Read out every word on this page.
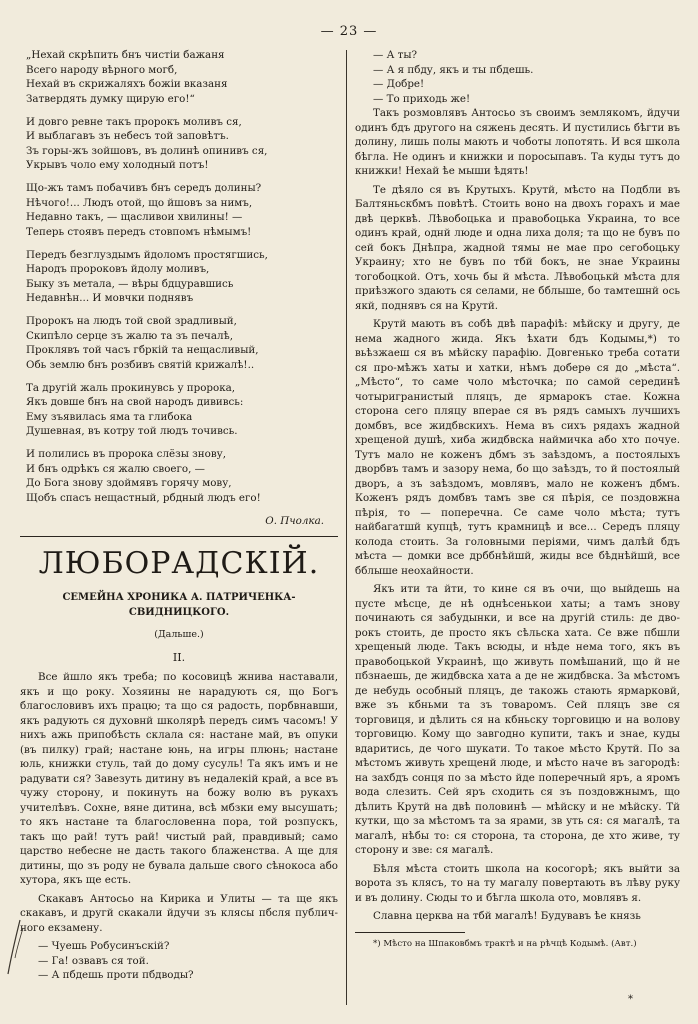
— 23 —
„Нехай скрѣпить бнъ чистiи бажаня
Всего народу вѣрного могб,
Нехай въ скрижаляхъ божiи вказаня
Затвердять думку щирую его!“
И довго ревне такъ пророкъ моливъ ся,
И выблагавъ зъ небесъ той заповѣтъ.
Зъ горы-жъ зойшовъ, въ долинѣ опинивъ ся,
Укрывъ чоло ему холодный потъ!
Що-жъ тамъ побачивъ бнъ середъ долины?
Нѣчого!... Людъ отой, що йшовъ за нимъ,
Недавно такъ, — щасливои хвилины! —
Теперь стоявъ передъ стовпомъ нѣмымъ!
Передъ безглуздымъ йдоломъ простягшись,
Народъ пророковъ йдолу моливъ,
Быку зъ метала, — вѣры бдцуравшись
Недавнѣн... И мовчки поднявъ
Пророкъ на людъ той свой зрадливый,
Скипѣло серце зъ жалю та зъ печалѣ,
Проклявъ той часъ гбркiй та нещасливый,
Обь землю бнъ розбивъ святiй крижалѣ!..
Та другiй жаль прокинувсь у пророка,
Якъ довше бнъ на свой народъ дививсь:
Ему зъявилась яма та глибока
Душевная, въ котру той людъ точивсь.
И полились въ пророка слёзы знову,
И бнъ одрѣкъ ся жалю своего, —
До Бога знову здоймявъ горячу мову,
Щобъ спасъ нещастный, рбдный людъ его!
О. Пчолка.
ЛЮБОРАДСКIЙ.
СЕМЕЙНА ХРОНИКА А. ПАТРИЧЕНКА-СВИДНИЦКОГО.
(Дальше.)
II.

Все йшло якъ треба; по косовицѣ жнива наставали, якъ и що року. Хозяины не нарадують ся, що Богъ благословивъ ихъ працю; та що ся радость, порбвнавши, якъ радують ся духовнй школярѣ передъ симъ часомъ! У нихъ ажь припобѣсть склала ся: настане май, въ опуки (въ пилку) грай; настане юнь, на игры плюнь; настане юль, книжки стуль, тай до дому сусуль! Та якъ имъ и не радувати ся? Завезуть дитину въ недалекiй край, а все въ чужу сторону, и покинуть на божу волю въ рукахъ учителѣвъ. Сохне, вяне дитина, всѣ мбзки ему высушать; то якъ настане та благословенна пора, той розпускъ, такъ що рай! тутъ рай! чистый рай, правдивый; само царство небесне не дасть такого блаженства. А ще для дитины, що зъ роду не бувала дальше свого сѣнокоса або хутора, якъ ще есть.

Скакавъ Антосьо на Кирика и Улиты — та ще якъ скакавъ, и другй скакали йдучи зъ клясы пбсля публичного екзамену.

— Чуешь Робусинъскiй?
— Га! озвавъ ся той.
— А пбдешь проти пбдводы?
— А ты?
— А я пбду, якъ и ты пбдешь.
— Добре!
— То приходь же!

Такъ розмовлявъ Антосьо зъ своимъ землякомъ, йдучи одинъ бдъ другого на сяжень десять. И пустились бѣгти въ долину, лишь полы мають и чоботы лопотять. И вся школа бѣгла. Не одинъ и книжки и поросыпавъ. Та куды тутъ до книжки! Нехай ѣе мыши ѣдять!

Те дѣяло ся въ Крутыхъ. Крутй, мѣсто на Подбли въ Балтяньскбмъ повѣтѣ. Стоить воно на двохъ горахъ и мае двѣ церквѣ. Лѣвобоцька и правобоцька Украина, то все одинъ край, однй люде и одна лиха доля; та що не бувъ по сей бокъ Днѣпра, жадной тямы не мае про сегобоцьку Украину; хто не бувъ по тбй бокъ, не знае Украины тогобоцкой. Отъ, хочь бы й мѣста. Лѣвобоцькй мѣста для приѣзжого здають ся селами, не бблыше, бо тамтешнй ось якй, поднявъ ся на Крутй.

Крутй мають въ собѣ двѣ парафiѣ: мѣйску и другу, де нема жадного жида. Якъ ѣхати бдъ Кодымы,*) то вьѣзжаеш ся въ мѣйску парафiю. Довгенько треба сотати ся про-мѣжъ хаты и хатки, нѣмъ доберѳ ся до „мѣста“. „Мѣсто“, то саме чоло мѣсточка; по самой серединѣ чотыригранистый пляцъ, де ярмарокъ стае. Кожна сторона сего пляцу вперае ся въ рядъ самыхъ лучшихъ домбвъ, все жидбвскихъ. Нема въ сихъ рядахъ жадной хрещеной душѣ, хиба жидбвска наймичка або хто почуе. Тутъ мало не коженъ дбмъ зъ заѣздомъ, а постоялыхъ дворбвъ тамъ и зазору нема, бо що заѣздъ, то й постоялый дворъ, а зъ заѣздомъ, мовлявъ, мало не коженъ дбмъ. Коженъ рядъ домбвъ тамъ зве ся пѣрiя, се поздовжна пѣрiя, то — поперечна. Се саме чоло мѣста; тутъ найбагатшй купцѣ, тутъ крамницѣ и все... Середъ пляцу колода стоить. За головными перiями, чимъ далѣй бдъ мѣста — домки все дрббнѣйшй, жиды все бѣднѣйшй, все бблыше неохайности.

Якъ ити та йти, то кине ся въ очи, що выйдешь на пусте мѣсце, де нѣ однѣсенькои хаты; а тамъ знову починають ся забудынки, и все на другiй стиль: де дворокъ стоить, де просто якъ сѣльска хата. Се вже пбшли хрещеный люде. Такъ всюды, и нѣде нема того, якъ въ правобоцькой Украинѣ, що живуть помѣшаний, що й не пбзнаешь, де жидбвска хата а де не жидбвска. За мѣстомъ де небудь особный пляцъ, де такожь стають ярмарковй, вже зъ кбньми та зъ товаромъ. Сей пляцъ зве ся торговиця, и дѣлить ся на кбньску торговицю и на волову торговицю. Кому що завгодно купити, такъ и знае, куды вдаритись, де чого шукати. То такое мѣсто Крутй. По за мѣстомъ живуть хрещенй люде, и мѣсто наче въ загородѣ: на захбдъ сонця по за мѣсто йде поперечный яръ, а яромъ вода слезить. Сей яръ сходить ся зъ поздовжнымъ, що дѣлить Крутй на двѣ половинѣ — мѣйску и не мѣйску. Тй кутки, що за мѣстомъ та за ярами, зв уть ся: ся магалѣ, та магалѣ, нѣбы то: ся сторона, та сторона, де хто живе, ту сторону и зве: ся магалѣ.

Бѣля мѣста стоить школа на косогорѣ; якъ выйти за ворота зъ клясъ, то на ту магалу повертають въ лѣву руку и въ долину. Сюды то и бѣгла школа ото, мовлявъ я.

Славна церква на тбй магалѣ! Будувавъ ѣе князь

*) Мѣсто на Шпаковбмъ трактѣ и на рѣчцѣ Кодымѣ. (Авт.)
*
